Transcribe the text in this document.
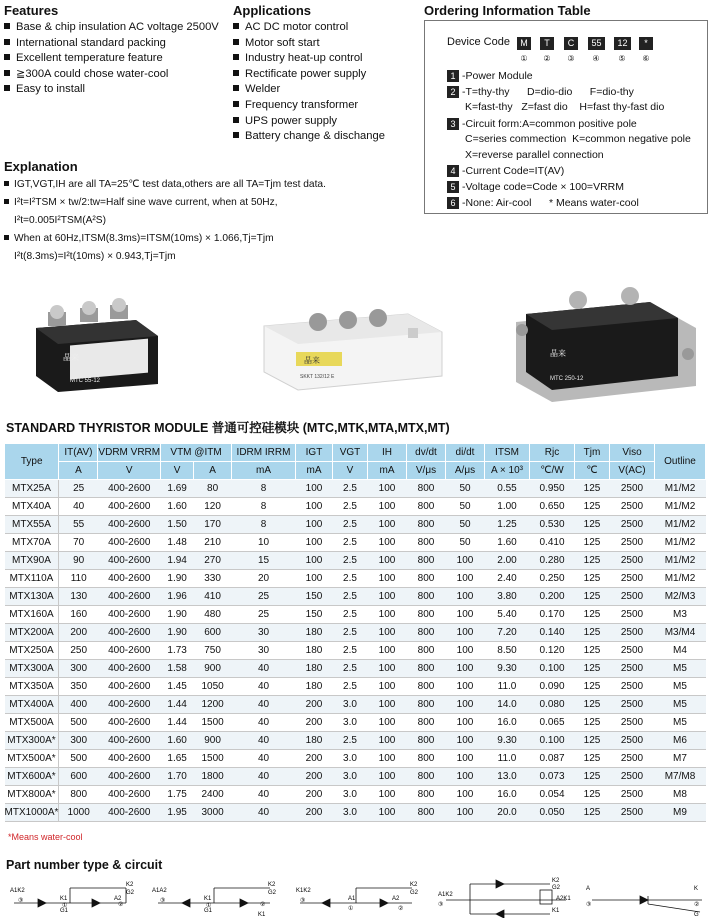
Features
Base & chip insulation AC voltage 2500V
International standard packing
Excellent temperature feature
≧300A could chose water-cool
Easy to install
Applications
AC DC motor control
Motor soft start
Industry heat-up control
Rectificate power supply
Welder
Frequency transformer
UPS power supply
Battery change & dischange
Ordering Information Table
Device Code	M	T	C	55	12	*
①	②	③	④	⑤	⑥
1 -Power Module
2 -T=thy-thy      D=dio-dio      F=dio-thy
K=fast-thy   Z=fast dio    H=fast thy-fast dio
3 -Circuit form:A=common positive pole
C=series commection  K=common negative pole
X=reverse parallel connection
4 -Current Code=IT(AV)
5 -Voltage code=Code × 100=VRRM
6 -None: Air-cool      * Means water-cool
Explanation
IGT,VGT,IH are all TA=25℃ test data,others are all TA=Tjm test data.
I²t=I²TSM × tw/2:tw=Half sine wave current, when at 50Hz,
I²t=0.005I²TSM(A²S)
When at 60Hz,ITSM(8.3ms)=ITSM(10ms) × 1.066,Tj=Tjm
I²t(8.3ms)=I²t(10ms) × 0.943,Tj=Tjm
晶来
MTC 55-12
晶来
SKKT 132/12 E
晶来
MTC 250-12
STANDARD THYRISTOR MODULE 普通可控硅模块 (MTC,MTK,MTA,MTX,MT)
Type	IT(AV)	VDRM VRRM	VTM @ITM		IDRM IRRM	IGT	VGT	IH	dv/dt	di/dt	ITSM	Rjc	Tjm	Viso	Outline
	A	V	V	A	mA	mA	V	mA	V/μs	A/μs	A × 10³	℃/W	℃	V(AC)	
MTX25A	25	400-2600	1.69	80	8	100	2.5	100	800	50	0.55	0.950	125	2500	M1/M2
MTX40A	40	400-2600	1.60	120	8	100	2.5	100	800	50	1.00	0.650	125	2500	M1/M2
MTX55A	55	400-2600	1.50	170	8	100	2.5	100	800	50	1.25	0.530	125	2500	M1/M2
MTX70A	70	400-2600	1.48	210	10	100	2.5	100	800	50	1.60	0.410	125	2500	M1/M2
MTX90A	90	400-2600	1.94	270	15	100	2.5	100	800	100	2.00	0.280	125	2500	M1/M2
MTX110A	110	400-2600	1.90	330	20	100	2.5	100	800	100	2.40	0.250	125	2500	M1/M2
MTX130A	130	400-2600	1.96	410	25	150	2.5	100	800	100	3.80	0.200	125	2500	M2/M3
MTX160A	160	400-2600	1.90	480	25	150	2.5	100	800	100	5.40	0.170	125	2500	M3
MTX200A	200	400-2600	1.90	600	30	180	2.5	100	800	100	7.20	0.140	125	2500	M3/M4
MTX250A	250	400-2600	1.73	750	30	180	2.5	100	800	100	8.50	0.120	125	2500	M4
MTX300A	300	400-2600	1.58	900	40	180	2.5	100	800	100	9.30	0.100	125	2500	M5
MTX350A	350	400-2600	1.45	1050	40	180	2.5	100	800	100	11.0	0.090	125	2500	M5
MTX400A	400	400-2600	1.44	1200	40	200	3.0	100	800	100	14.0	0.080	125	2500	M5
MTX500A	500	400-2600	1.44	1500	40	200	3.0	100	800	100	16.0	0.065	125	2500	M5
MTX300A*	300	400-2600	1.60	900	40	180	2.5	100	800	100	9.30	0.100	125	2500	M6
MTX500A*	500	400-2600	1.65	1500	40	200	3.0	100	800	100	11.0	0.087	125	2500	M7
MTX600A*	600	400-2600	1.70	1800	40	200	3.0	100	800	100	13.0	0.073	125	2500	M7/M8
MTX800A*	800	400-2600	1.75	2400	40	200	3.0	100	800	100	16.0	0.054	125	2500	M8
MTX1000A*	1000	400-2600	1.95	3000	40	200	3.0	100	800	100	20.0	0.050	125	2500	M9
*Means water-cool
Part number type & circuit
A1K2
K2
G2
K1
G1
A2
③
①	②
A1A2
K2
G2
K1
G1
K1
③
①	②
K1K2
K2
G2
A1	A2
③
①	②
A1K2
K2
G2
A2K1
K1
③
A	K
G
③	②
